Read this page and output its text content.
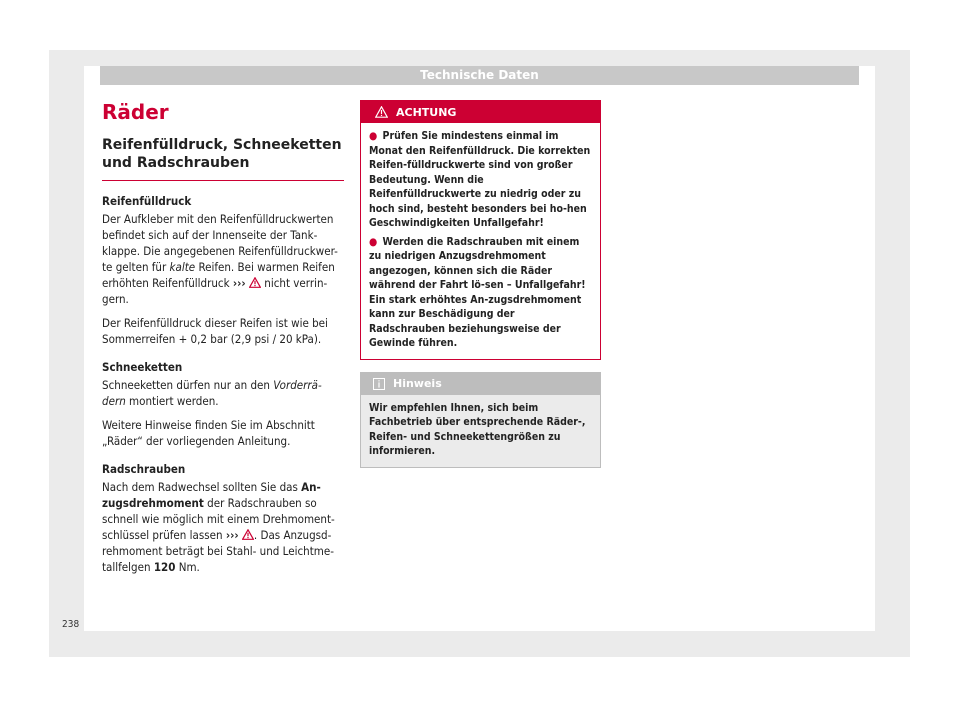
Technische Daten
Räder
Reifenfülldruck, Schneeketten und Radschrauben
Reifenfülldruck
Der Aufkleber mit den Reifenfülldruckwerten befindet sich auf der Innenseite der Tank-klappe. Die angegebenen Reifenfülldruckwer-te gelten für kalte Reifen. Bei warmen Reifen erhöhten Reifenfülldruck ›››  nicht verrin-gern.
Der Reifenfülldruck dieser Reifen ist wie bei Sommerreifen + 0,2 bar (2,9 psi / 20 kPa).
Schneeketten
Schneeketten dürfen nur an den Vorderrä-dern montiert werden.
Weitere Hinweise finden Sie im Abschnitt „Räder“ der vorliegenden Anleitung.
Radschrauben
Nach dem Radwechsel sollten Sie das An-zugsdrehmoment der Radschrauben so schnell wie möglich mit einem Drehmoment-schlüssel prüfen lassen ››› . Das Anzugsd-rehmoment beträgt bei Stahl- und Leichtme-tallfelgen 120 Nm.
ACHTUNG
● Prüfen Sie mindestens einmal im Monat den Reifenfülldruck. Die korrekten Reifen-fülldruckwerte sind von großer Bedeutung. Wenn die Reifenfülldruckwerte zu niedrig oder zu hoch sind, besteht besonders bei ho-hen Geschwindigkeiten Unfallgefahr!
● Werden die Radschrauben mit einem zu niedrigen Anzugsdrehmoment angezogen, können sich die Räder während der Fahrt lö-sen – Unfallgefahr! Ein stark erhöhtes An-zugsdrehmoment kann zur Beschädigung der Radschrauben beziehungsweise der Gewinde führen.
Hinweis
Wir empfehlen Ihnen, sich beim Fachbetrieb über entsprechende Räder-, Reifen- und Schneekettengrößen zu informieren.
238
